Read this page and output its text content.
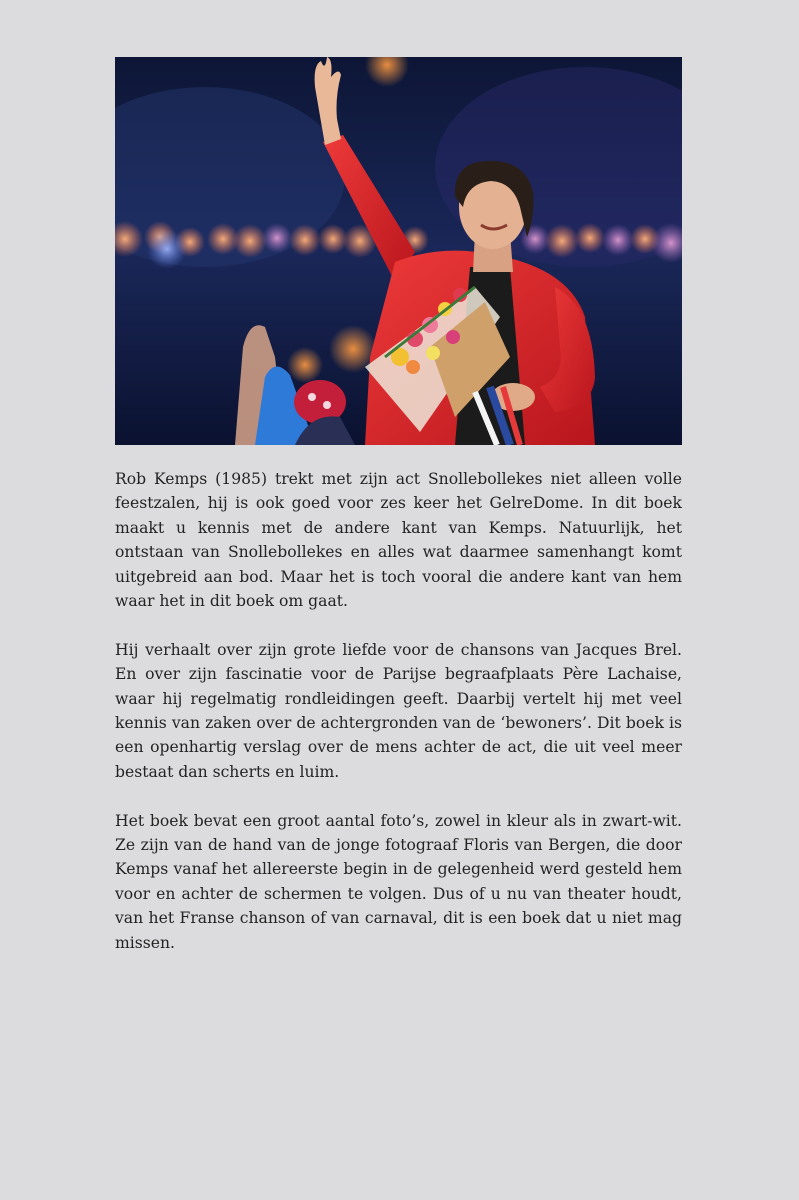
Rob Kemps (1985) trekt met zijn act Snollebollekes niet alleen volle feestzalen, hij is ook goed voor zes keer het GelreDome. In dit boek maakt u kennis met de andere kant van Kemps. Natuurlijk, het ontstaan van Snollebollekes en alles wat daarmee samenhangt komt uitgebreid aan bod. Maar het is toch vooral die andere kant van hem waar het in dit boek om gaat.

Hij verhaalt over zijn grote liefde voor de chansons van Jacques Brel. En over zijn fascinatie voor de Parijse begraafplaats Père Lachaise, waar hij regelmatig rondleidingen geeft. Daarbij vertelt hij met veel kennis van zaken over de achtergronden van de ‘bewoners’. Dit boek is een openhartig verslag over de mens achter de act, die uit veel meer bestaat dan scherts en luim.

Het boek bevat een groot aantal foto’s, zowel in kleur als in zwart-wit. Ze zijn van de hand van de jonge fotograaf Floris van Bergen, die door Kemps vanaf het allereerste begin in de gelegenheid werd gesteld hem voor en achter de schermen te volgen. Dus of u nu van theater houdt, van het Franse chanson of van carnaval, dit is een boek dat u niet mag missen.
